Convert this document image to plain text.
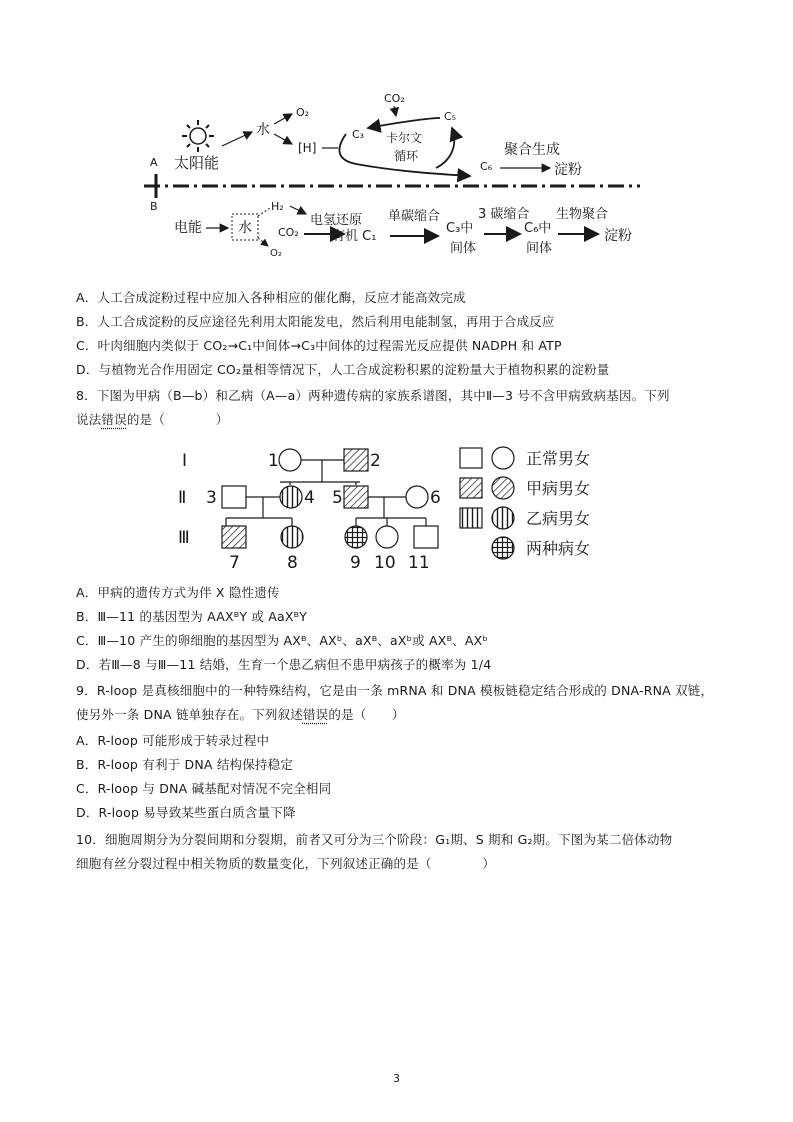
太阳能
水
O₂
[H]
C₃
CO₂
C₅
卡尔文
循环
C₆
聚合生成
淀粉
A
B
电能	水
H₂
O₂
CO₂
电氢还原
有机 C₁
单碳缩合
C₃中
间体
3 碳缩合
C₆中
间体
生物聚合
淀粉
A．人工合成淀粉过程中应加入各种相应的催化酶，反应才能高效完成
B．人工合成淀粉的反应途径先利用太阳能发电，然后利用电能制氢，再用于合成反应
C．叶肉细胞内类似于 CO₂→C₁中间体→C₃中间体的过程需光反应提供 NADPH 和 ATP
D．与植物光合作用固定 CO₂量相等情况下，人工合成淀粉积累的淀粉量大于植物积累的淀粉量
8．下图为甲病（B—b）和乙病（A—a）两种遗传病的家族系谱图，其中Ⅱ—3 号不含甲病致病基因。下列
说法错误的是（　　　　）
Ⅰ
Ⅱ
Ⅲ
1	2
3	4 5	6
7	8	9 10 11
正常男女
甲病男女
乙病男女
两种病女
A．甲病的遗传方式为伴 X 隐性遗传
B．Ⅲ—11 的基因型为 AAXᴮY 或 AaXᴮY
C．Ⅲ—10 产生的卵细胞的基因型为 AXᴮ、AXᵇ、aXᴮ、aXᵇ或 AXᴮ、AXᵇ
D．若Ⅲ—8 与Ⅲ—11 结婚，生育一个患乙病但不患甲病孩子的概率为 1/4
9．R-loop 是真核细胞中的一种特殊结构，它是由一条 mRNA 和 DNA 模板链稳定结合形成的 DNA-RNA 双链，
使另外一条 DNA 链单独存在。下列叙述错误的是（　　）
A．R-loop 可能形成于转录过程中
B．R-loop 有利于 DNA 结构保持稳定
C．R-loop 与 DNA 碱基配对情况不完全相同
D．R-loop 易导致某些蛋白质含量下降
10．细胞周期分为分裂间期和分裂期，前者又可分为三个阶段：G₁期、S 期和 G₂期。下图为某二倍体动物
细胞有丝分裂过程中相关物质的数量变化，下列叙述正确的是（　　　　）
3
